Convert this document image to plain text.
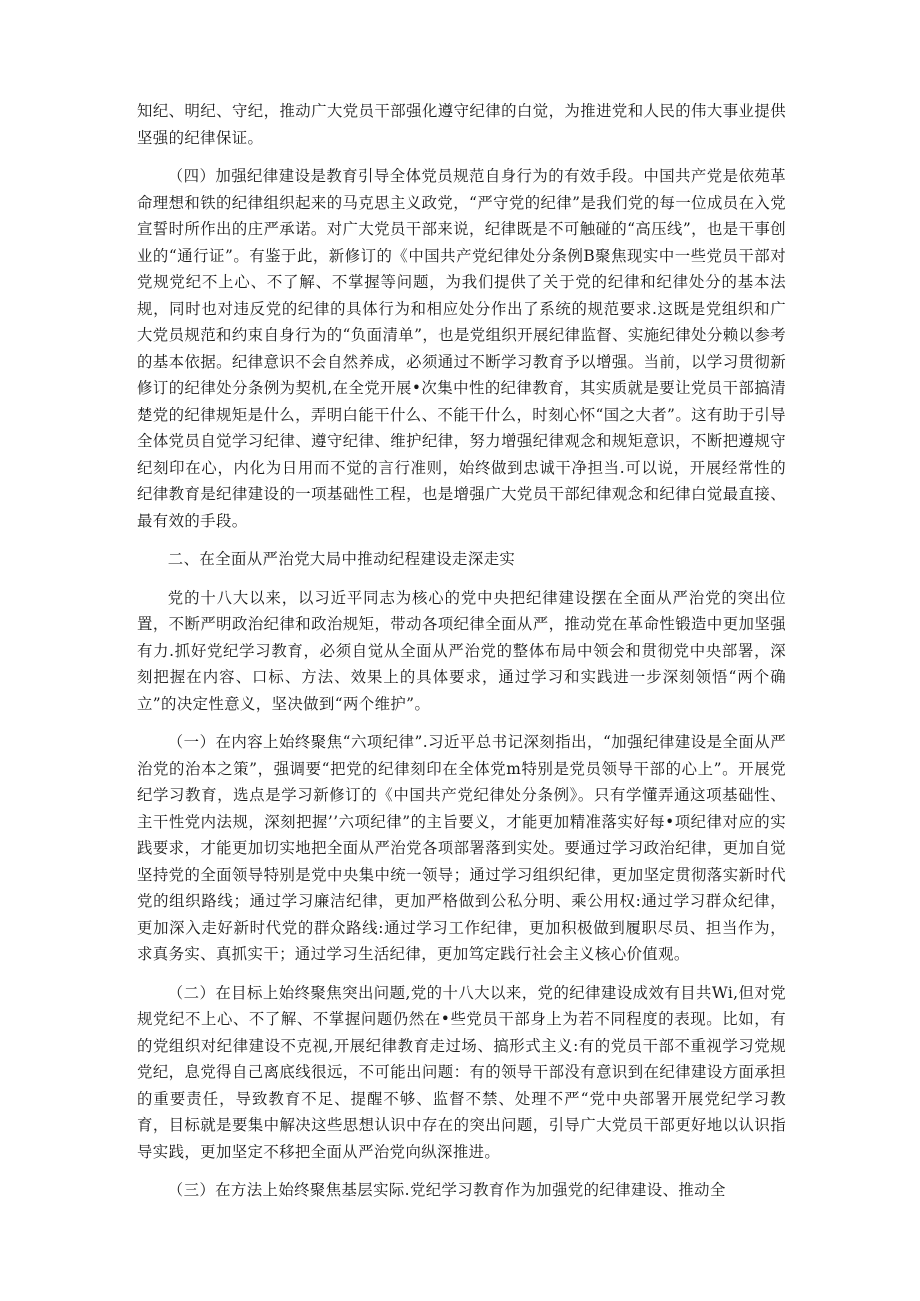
知纪、明纪、守纪，推动广大党员干部强化遵守纪律的白觉，为推进党和人民的伟大事业提供坚强的纪律保证。

（四）加强纪律建设是教育引导全体党员规范自身行为的有效手段。中国共产党是依苑革命理想和铁的纪律组织起来的马克思主义政党，“严守党的纪律”是我们党的每一位成员在入党宣誓时所作出的庄严承诺。对广大党员干部来说，纪律既是不可触碰的“高压线”，也是干事创业的“通行证”。有鉴于此，新修订的《中国共产党纪律处分条例B聚焦现实中一些党员干部对党规党纪不上心、不了解、不掌握等问题，为我们提供了关于党的纪律和纪律处分的基本法规，同时也对违反党的纪律的具体行为和相应处分作出了系统的规范要求.这既是党组织和广大党员规范和约束自身行为的“负面清单”，也是党组织开展纪律监督、实施纪律处分赖以参考的基本依据。纪律意识不会自然养成，必须通过不断学习教育予以增强。当前，以学习贯彻新修订的纪律处分条例为契机,在全党开展•次集中性的纪律教育，其实质就是要让党员干部搞清楚党的纪律规矩是什么，弄明白能干什么、不能干什么，时刻心怀“国之大者”。这有助于引导全体党员自觉学习纪律、遵守纪律、维护纪律，努力增强纪律观念和规矩意识，不断把遵规守纪刻印在心，内化为日用而不觉的言行准则，始终做到忠诚干净担当.可以说，开展经常性的纪律教育是纪律建设的一项基础性工程，也是增强广大党员干部纪律观念和纪律白觉最直接、最有效的手段。

二、在全面从严治党大局中推动纪程建设走深走实

党的十八大以来，以习近平同志为核心的党中央把纪律建设摆在全面从严治党的突出位置，不断严明政治纪律和政治规矩，带动各项纪律全面从严，推动党在革命性锻造中更加坚强有力.抓好党纪学习教育，必须自觉从全面从严治党的整体布局中领会和贯彻党中央部署，深刻把握在内容、口标、方法、效果上的具体要求，通过学习和实践进一步深刻领悟“两个确立”的决定性意义，坚决做到“两个维护”。

（一）在内容上始终聚焦“六项纪律”.习近平总书记深刻指出，“加强纪律建设是全面从严治党的治本之策”，强调要“把党的纪律刻印在全体党m特别是党员领导干部的心上”。开展党纪学习教育，选点是学习新修订的《中国共产党纪律处分条例》。只有学懂弄通这项基础性、主干性党内法规，深刻把握’’六项纪律”的主旨要义，才能更加精准落实好每•项纪律对应的实践要求，才能更加切实地把全面从严治党各项部署落到实处。要通过学习政治纪律，更加自觉坚持党的全面领导特别是党中央集中统一领导；通过学习组织纪律，更加坚定贯彻落实新时代党的组织路线；通过学习廉洁纪律，更加严格做到公私分明、乘公用权:通过学习群众纪律，更加深入走好新时代党的群众路线:通过学习工作纪律，更加积极做到履职尽员、担当作为，求真务实、真抓实干；通过学习生活纪律，更加笃定践行社会主义核心价值观。

（二）在目标上始终聚焦突出问题,党的十八大以来，党的纪律建设成效有目共Wi,但对党规党纪不上心、不了解、不掌握问题仍然在•些党员干部身上为若不同程度的表现。比如，有的党组织对纪律建设不克视,开展纪律教育走过场、搞形式主义:有的党员干部不重视学习党规党纪，息党得自己离底线很远，不可能出问题：有的领导干部没有意识到在纪律建设方面承担的重要责任，导致教育不足、提醒不够、监督不禁、处理不严“党中央部署开展党纪学习教育，目标就是要集中解决这些思想认识中存在的突出问题，引导广大党员干部更好地以认识指导实践，更加坚定不移把全面从严治党向纵深推进。

（三）在方法上始终聚焦基层实际.党纪学习教育作为加强党的纪律建设、推动全
